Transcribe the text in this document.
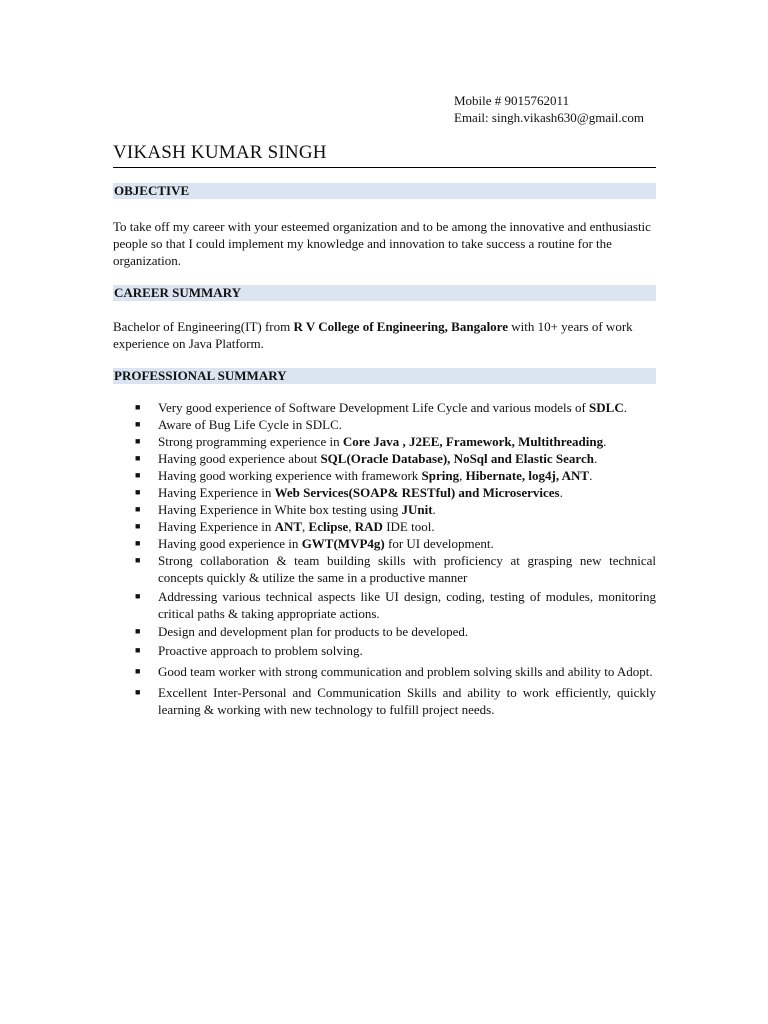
Mobile # 9015762011
Email: singh.vikash630@gmail.com
VIKASH KUMAR SINGH
OBJECTIVE
To take off my career with your esteemed organization and to be among the innovative and enthusiastic people so that I could implement my knowledge and innovation to take success a routine for the organization.
CAREER SUMMARY
Bachelor of Engineering(IT) from R V College of Engineering, Bangalore with 10+ years of work experience on Java Platform.
PROFESSIONAL SUMMARY
■ Very good experience of Software Development Life Cycle and various models of SDLC.
■ Aware of Bug Life Cycle in SDLC.
■ Strong programming experience in Core Java , J2EE, Framework, Multithreading.
■ Having good experience about SQL(Oracle Database), NoSql and Elastic Search.
■ Having good working experience with framework Spring, Hibernate, log4j, ANT.
■ Having Experience in Web Services(SOAP& RESTful) and Microservices.
■ Having Experience in White box testing using JUnit.
■ Having Experience in ANT, Eclipse, RAD IDE tool.
■ Having good experience in GWT(MVP4g) for UI development.
■ Strong collaboration & team building skills with proficiency at grasping new technical concepts quickly & utilize the same in a productive manner
■ Addressing various technical aspects like UI design, coding, testing of modules, monitoring critical paths & taking appropriate actions.
■ Design and development plan for products to be developed.
■ Proactive approach to problem solving.
■ Good team worker with strong communication and problem solving skills and ability to Adopt.
■ Excellent Inter-Personal and Communication Skills and ability to work efficiently, quickly learning & working with new technology to fulfill project needs.
